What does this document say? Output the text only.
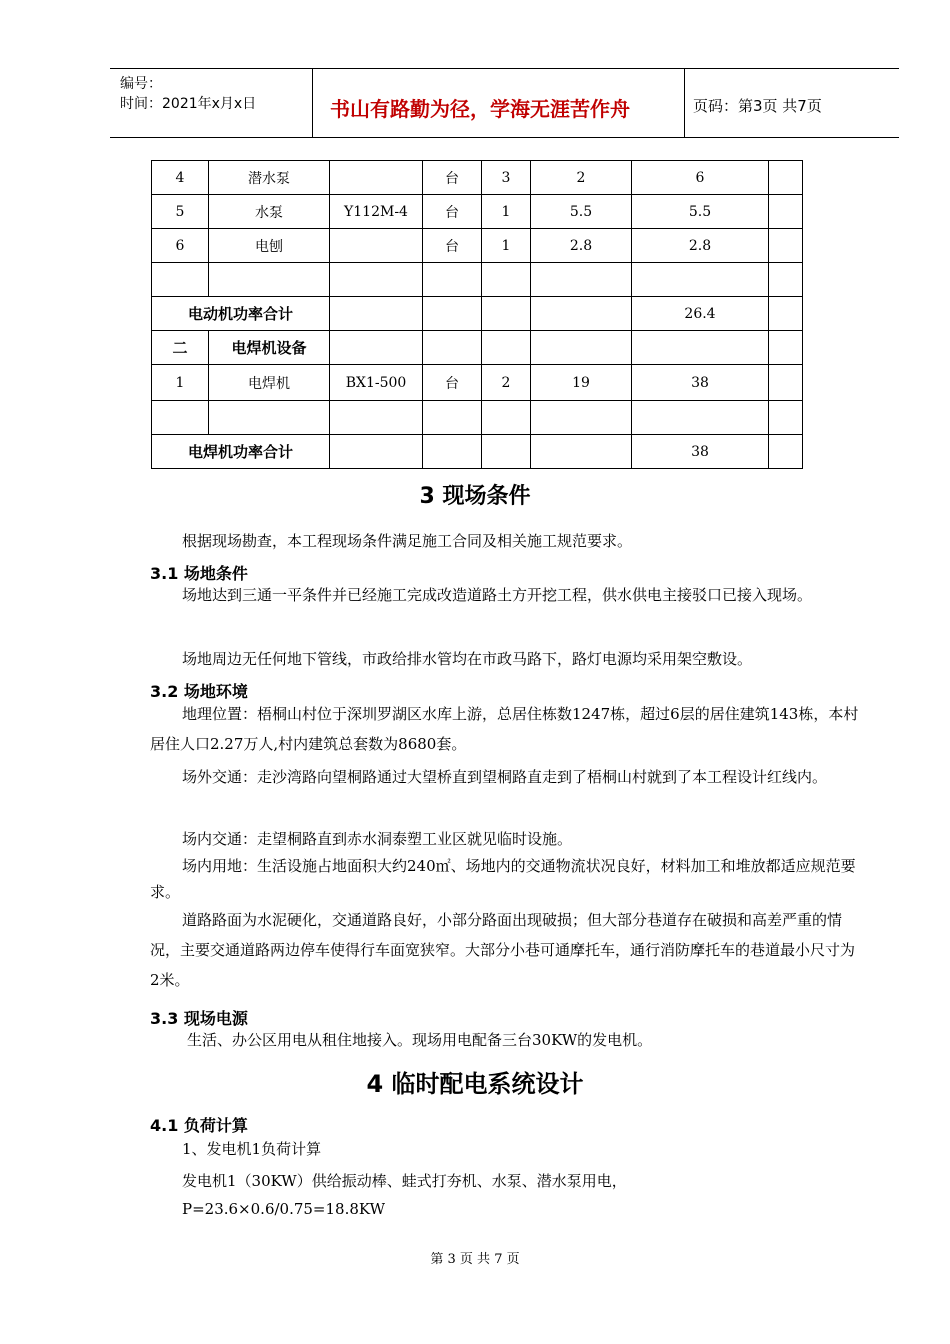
编号：
时间：2021年x月x日	书山有路勤为径，学海无涯苦作舟	页码：第3页 共7页
4	潜水泵		台	3	2	6	
5	水泵	Y112M-4	台	1	5.5	5.5	
6	电刨		台	1	2.8	2.8	

电动机功率合计						26.4	
二	电焊机设备						
1	电焊机	BX1-500	台	2	19	38	

电焊机功率合计						38	
3 现场条件
根据现场勘查，本工程现场条件满足施工合同及相关施工规范要求。
3.1 场地条件
场地达到三通一平条件并已经施工完成改造道路土方开挖工程，供水供电主接驳口已接入现场。
场地周边无任何地下管线，市政给排水管均在市政马路下，路灯电源均采用架空敷设。
3.2 场地环境
地理位置：梧桐山村位于深圳罗湖区水库上游，总居住栋数1247栋，超过6层的居住建筑143栋，本村居住人口2.27万人,村内建筑总套数为8680套。
场外交通：走沙湾路向望桐路通过大望桥直到望桐路直走到了梧桐山村就到了本工程设计红线内。
场内交通：走望桐路直到赤水洞泰塑工业区就见临时设施。
场内用地：生活设施占地面积大约240㎡、场地内的交通物流状况良好，材料加工和堆放都适应规范要求。
道路路面为水泥硬化，交通道路良好，小部分路面出现破损；但大部分巷道存在破损和高差严重的情况，主要交通道路两边停车使得行车面宽狭窄。大部分小巷可通摩托车，通行消防摩托车的巷道最小尺寸为2米。
3.3 现场电源
生活、办公区用电从租住地接入。现场用电配备三台30KW的发电机。
4 临时配电系统设计
4.1 负荷计算
1、发电机1负荷计算
发电机1（30KW）供给振动棒、蛙式打夯机、水泵、潜水泵用电，
P=23.6×0.6/0.75=18.8KW
第 3 页 共 7 页
